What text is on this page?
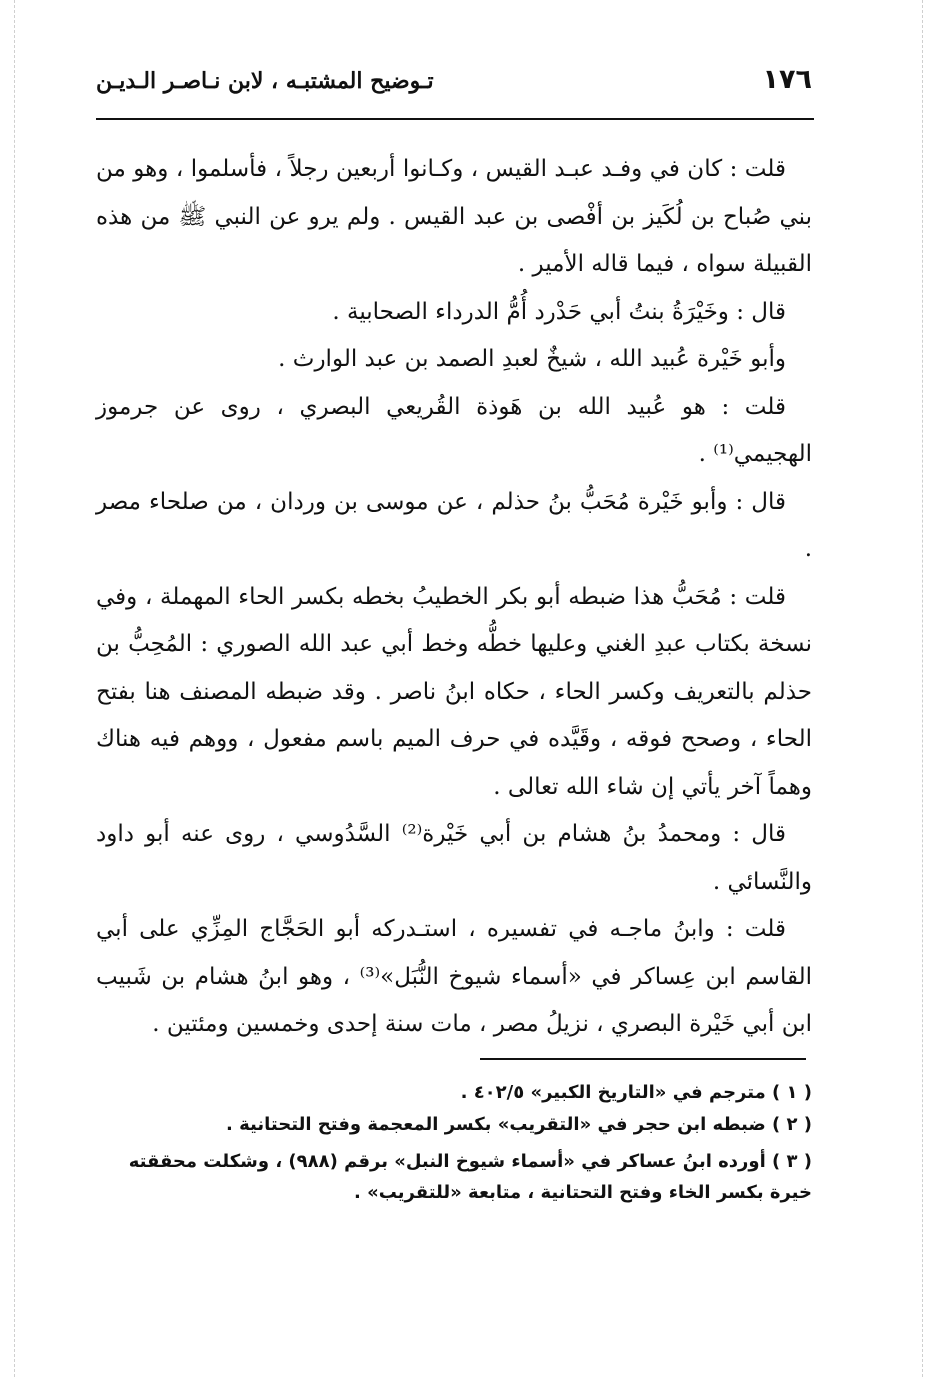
١٧٦
تـوضيح المشتبـه ، لابن نـاصـر الـديـن

قلت : كان في وفـد عبـد القيس ، وكـانوا أربعين رجلاً ، فأسلموا ، وهو من بني صُباح بن لُكَيز بن أفْصى بن عبد القيس . ولم يرو عن النبي ﷺ من هذه القبيلة سواه ، فيما قاله الأمير .

قال : وخَيْرَةُ بنتُ أبي حَدْرد أُمُّ الدرداء الصحابية .

وأبو خَيْرة عُبيد الله ، شيخٌ لعبدِ الصمد بن عبد الوارث .

قلت : هو عُبيد الله بن هَوذة القُريعي البصري ، روى عن جرموز الهجيمي⁽¹⁾ .

قال : وأبو خَيْرة مُحَبُّ بنُ حذلم ، عن موسى بن وردان ، من صلحاء مصر .

قلت : مُحَبُّ هذا ضبطه أبو بكر الخطيبُ بخطه بكسر الحاء المهملة ، وفي نسخة بكتاب عبدِ الغني وعليها خطُّه وخط أبي عبد الله الصوري : المُحِبُّ بن حذلم بالتعريف وكسر الحاء ، حكاه ابنُ ناصر . وقد ضبطه المصنف هنا بفتح الحاء ، وصحح فوقه ، وقَيَّده في حرف الميم باسم مفعول ، ووهم فيه هناك وهماً آخر يأتي إن شاء الله تعالى .

قال : ومحمدُ بنُ هشام بن أبي خَيْرة⁽²⁾ السَّدُوسي ، روى عنه أبو داود والنَّسائي .

قلت : وابنُ ماجـه في تفسيره ، استـدركه أبو الحَجَّاج المِزِّي على أبي القاسم ابن عِساكر في «أسماء شيوخ النُّبَل»⁽³⁾ ، وهو ابنُ هشام بن شَبيب ابن أبي خَيْرة البصري ، نزيلُ مصر ، مات سنة إحدى وخمسين ومئتين .

( ١ ) مترجم في «التاريخ الكبير» ٤٠٢/٥ .

( ٢ ) ضبطه ابن حجر في «التقريب» بكسر المعجمة وفتح التحتانية .

( ٣ ) أورده ابنُ عساكر في «أسماء شيوخ النبل» برقم (٩٨٨) ، وشكلت محققته خيرة بكسر الخاء وفتح التحتانية ، متابعة «للتقريب» .
